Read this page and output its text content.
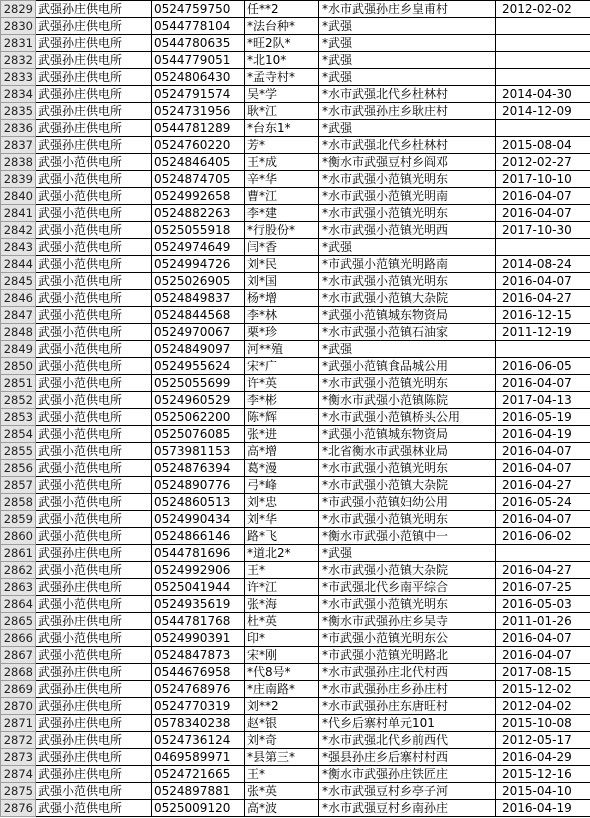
2829	武强孙庄供电所	0524759750	任**2	*水市武强孙庄乡皇甫村	2012-02-02
2830	武强孙庄供电所	0544778104	*法台种*	*武强	
2831	武强孙庄供电所	0544780635	*旺2队*	*武强	
2832	武强孙庄供电所	0544779051	*北10*	*武强	
2833	武强孙庄供电所	0524806430	*孟寺村*	*武强	
2834	武强孙庄供电所	0524791574	吴*学	*水市武强北代乡杜林村	2014-04-30
2835	武强孙庄供电所	0524731956	耿*江	*水市武强孙庄乡耿庄村	2014-12-09
2836	武强孙庄供电所	0544781289	*台东1*	*武强	
2837	武强孙庄供电所	0524760220	芳*	*水市武强北代乡杜林村	2015-08-04
2838	武强小范供电所	0524846405	王*成	*衡水市武强豆村乡阎邓	2012-02-27
2839	武强小范供电所	0524874705	辛*华	*水市武强小范镇光明东	2017-10-10
2840	武强小范供电所	0524992658	曹*江	*水市武强小范镇光明南	2016-04-07
2841	武强小范供电所	0524882263	李*建	*水市武强小范镇光明东	2016-04-07
2842	武强小范供电所	0525055918	*行股份*	*水市武强小范镇光明西	2017-10-30
2843	武强小范供电所	0524974649	闫*香	*武强	
2844	武强小范供电所	0524994726	刘*民	*市武强小范镇光明路南	2014-08-24
2845	武强小范供电所	0525026905	刘*国	*水市武强小范镇光明东	2016-04-07
2846	武强小范供电所	0524849837	杨*增	*水市武强小范镇大杂院	2016-04-27
2847	武强小范供电所	0524844568	李*林	*武强小范镇城东物资局	2016-12-15
2848	武强小范供电所	0524970067	栗*珍	*水市武强小范镇石油家	2011-12-19
2849	武强小范供电所	0524849097	河**殖	*武强	
2850	武强小范供电所	0524955624	宋*广	*武强小范镇食品城公用	2016-06-05
2851	武强小范供电所	0525055699	许*英	*水市武强小范镇光明东	2016-04-07
2852	武强小范供电所	0524960529	李*彬	*衡水市武强小范镇陈院	2017-04-13
2853	武强小范供电所	0525062200	陈*辉	*水市武强小范镇桥头公用	2016-05-19
2854	武强小范供电所	0525076085	张*进	*武强小范镇城东物资局	2016-04-19
2855	武强小范供电所	0573981153	高*增	*北省衡水市武强林业局	2016-04-07
2856	武强小范供电所	0524876394	葛*漫	*水市武强小范镇光明东	2016-04-07
2857	武强小范供电所	0524890776	弓*峰	*水市武强小范镇大杂院	2016-04-27
2858	武强小范供电所	0524860513	刘*忠	*市武强小范镇妇幼公用	2016-05-24
2859	武强小范供电所	0524990434	刘*华	*水市武强小范镇光明东	2016-04-07
2860	武强小范供电所	0524866146	路*飞	*衡水市武强小范镇中一	2016-06-02
2861	武强孙庄供电所	0544781696	*道北2*	*武强	
2862	武强小范供电所	0524992906	王*	*水市武强小范镇大杂院	2016-04-27
2863	武强孙庄供电所	0525041944	许*江	*市武强北代乡南平综合	2016-07-25
2864	武强小范供电所	0524935619	张*海	*水市武强小范镇光明东	2016-05-03
2865	武强孙庄供电所	0544781768	杜*英	*衡水市武强孙庄乡吴寺	2011-01-26
2866	武强小范供电所	0524990391	印*	*市武强小范镇光明东公	2016-04-07
2867	武强小范供电所	0524847873	宋*刚	*市武强小范镇光明路北	2016-04-07
2868	武强孙庄供电所	0544676958	*代8号*	*水市武强孙庄北代村西	2017-08-15
2869	武强孙庄供电所	0524768976	*庄南路*	*水市武强孙庄乡孙庄村	2015-12-02
2870	武强孙庄供电所	0524770319	刘**2	*水市武强孙庄东唐旺村	2012-04-02
2871	武强孙庄供电所	0578340238	赵*银	*代乡后寨村单元101	2015-10-08
2872	武强孙庄供电所	0524736124	刘*奇	*水市武强北代乡前西代	2012-05-17
2873	武强孙庄供电所	0469589971	*县第三*	*强县孙庄乡后寨村村西	2016-04-29
2874	武强孙庄供电所	0524721665	王*	*衡水市武强孙庄铁匠庄	2015-12-16
2875	武强小范供电所	0524897881	张*英	*水市武强豆村乡亭子河	2015-04-10
2876	武强小范供电所	0525009120	高*波	*水市武强豆村乡南孙庄	2016-04-19
